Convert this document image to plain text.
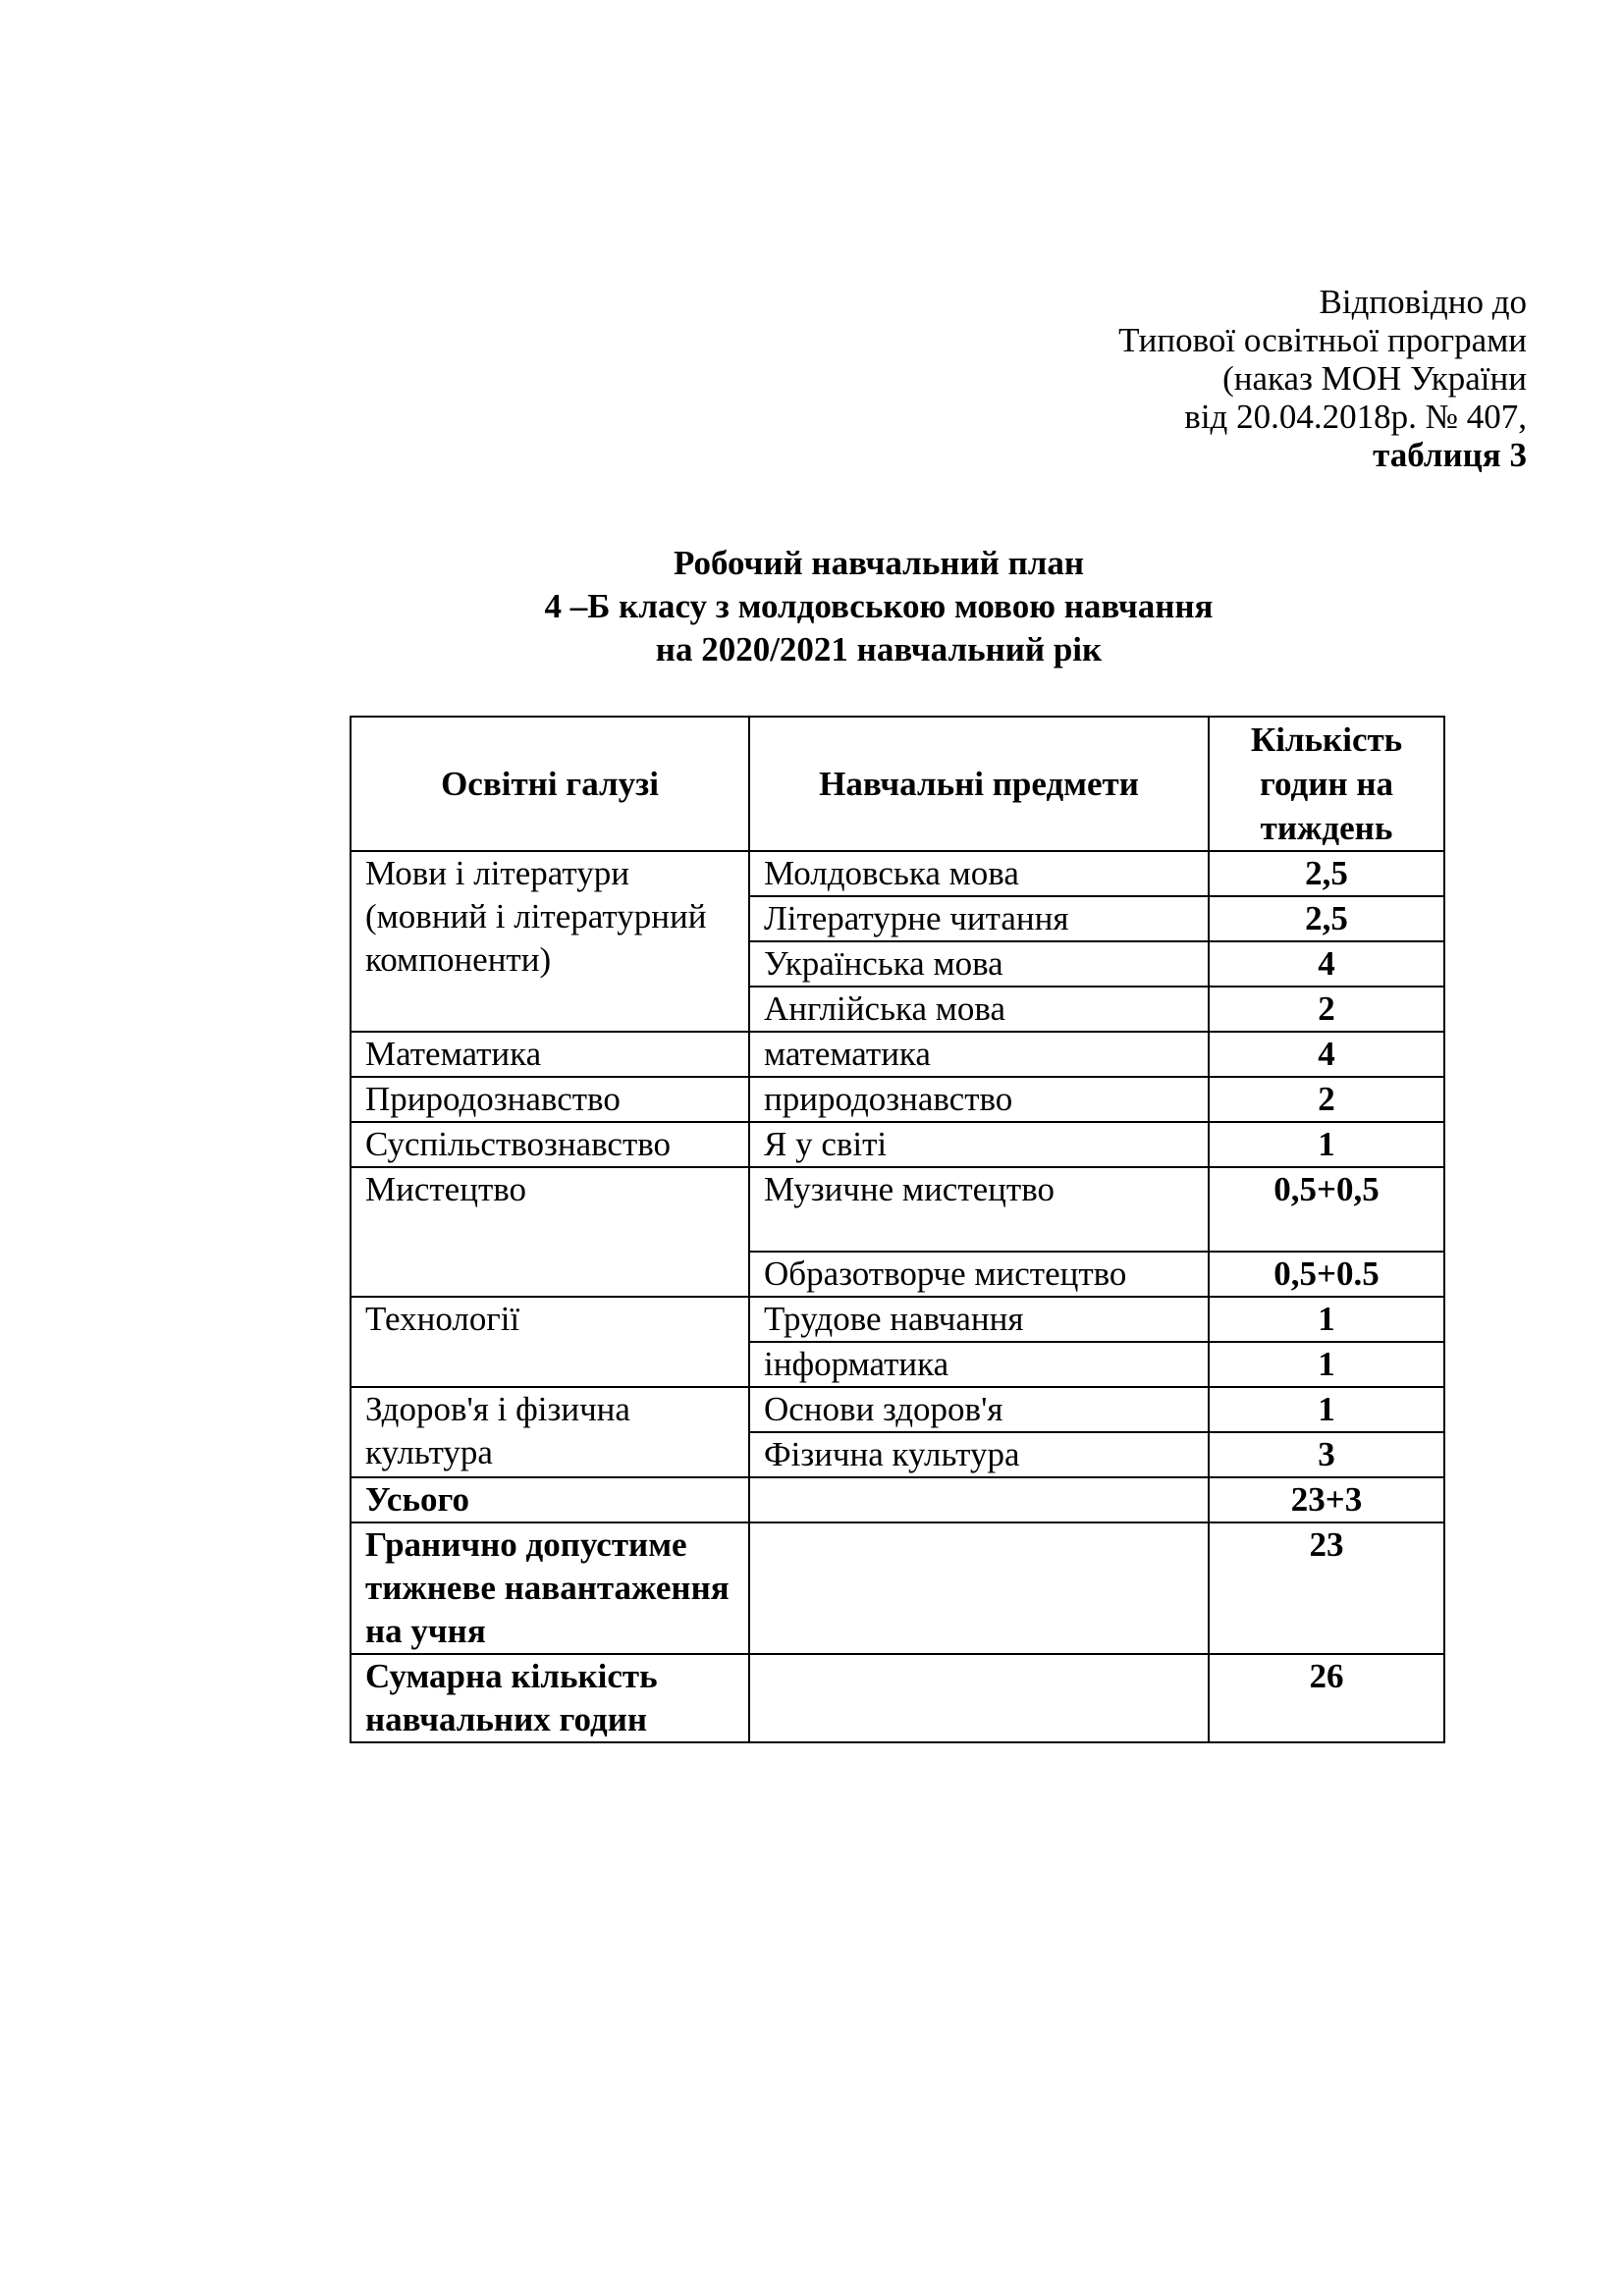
Відповідно до
Типової освітньої програми
(наказ МОН України
від 20.04.2018р. № 407,
таблиця 3
Робочий навчальний план
4 –Б класу з молдовською мовою навчання
на 2020/2021 навчальний рік
Освітні галузі	Навчальні предмети	Кількість годин на тиждень
Мови і літератури (мовний і літературний компоненти)	Молдовська мова	2,5
	Літературне читання	2,5
	Українська мова	4
	Англійська мова	2
Математика	математика	4
Природознавство	природознавство	2
Суспільствознавство	Я у світі	1
Мистецтво	Музичне мистецтво	0,5+0,5
	Образотворче мистецтво	0,5+0.5
Технології	Трудове навчання	1
	інформатика	1
Здоров'я і фізична культура	Основи здоров'я	1
	Фізична культура	3
Усього		23+3
Гранично допустиме тижневе навантаження на учня		23
Сумарна кількість навчальних годин		26
